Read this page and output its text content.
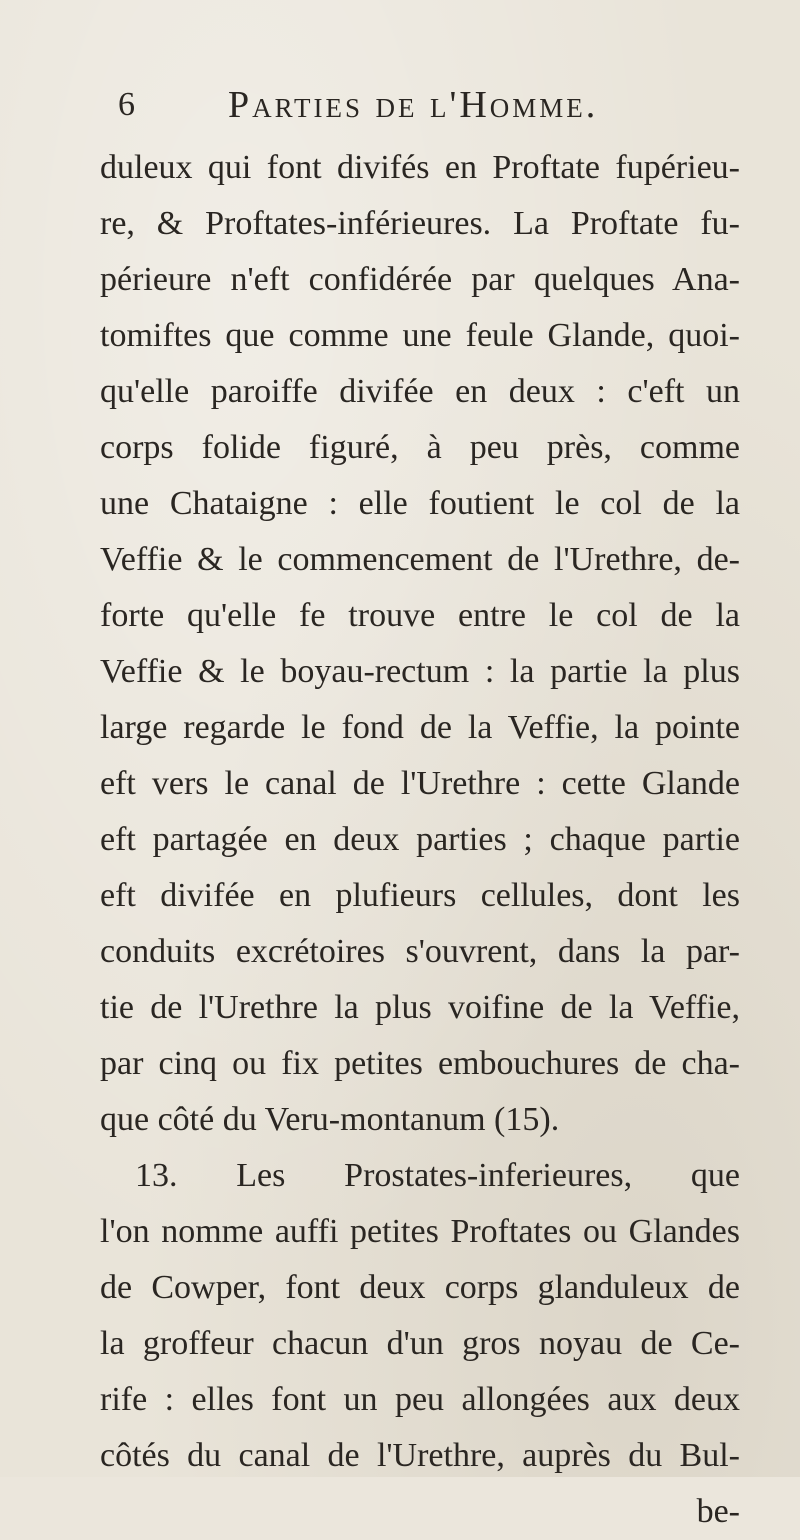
6 Parties de l'Homme.
duleux qui font divifés en Proftate fupérieu-
re, & Proftates-inférieures. La Proftate fu-
périeure n'eft confidérée par quelques Ana-
tomiftes que comme une feule Glande, quoi-
qu'elle paroiffe divifée en deux : c'eft un
corps folide figuré, à peu près, comme
une Chataigne : elle foutient le col de la
Veffie & le commencement de l'Urethre, de-
forte qu'elle fe trouve entre le col de la
Veffie & le boyau-rectum : la partie la plus
large regarde le fond de la Veffie, la pointe
eft vers le canal de l'Urethre : cette Glande
eft partagée en deux parties ; chaque partie
eft divifée en plufieurs cellules, dont les
conduits excrétoires s'ouvrent, dans la par-
tie de l'Urethre la plus voifine de la Veffie,
par cinq ou fix petites embouchures de cha-
que côté du Veru-montanum (15).
13. Les Prostates-inferieures, que
l'on nomme auffi petites Proftates ou Glandes
de Cowper, font deux corps glanduleux de
la groffeur chacun d'un gros noyau de Ce-
rife : elles font un peu allongées aux deux
côtés du canal de l'Urethre, auprès du Bul-
be-
